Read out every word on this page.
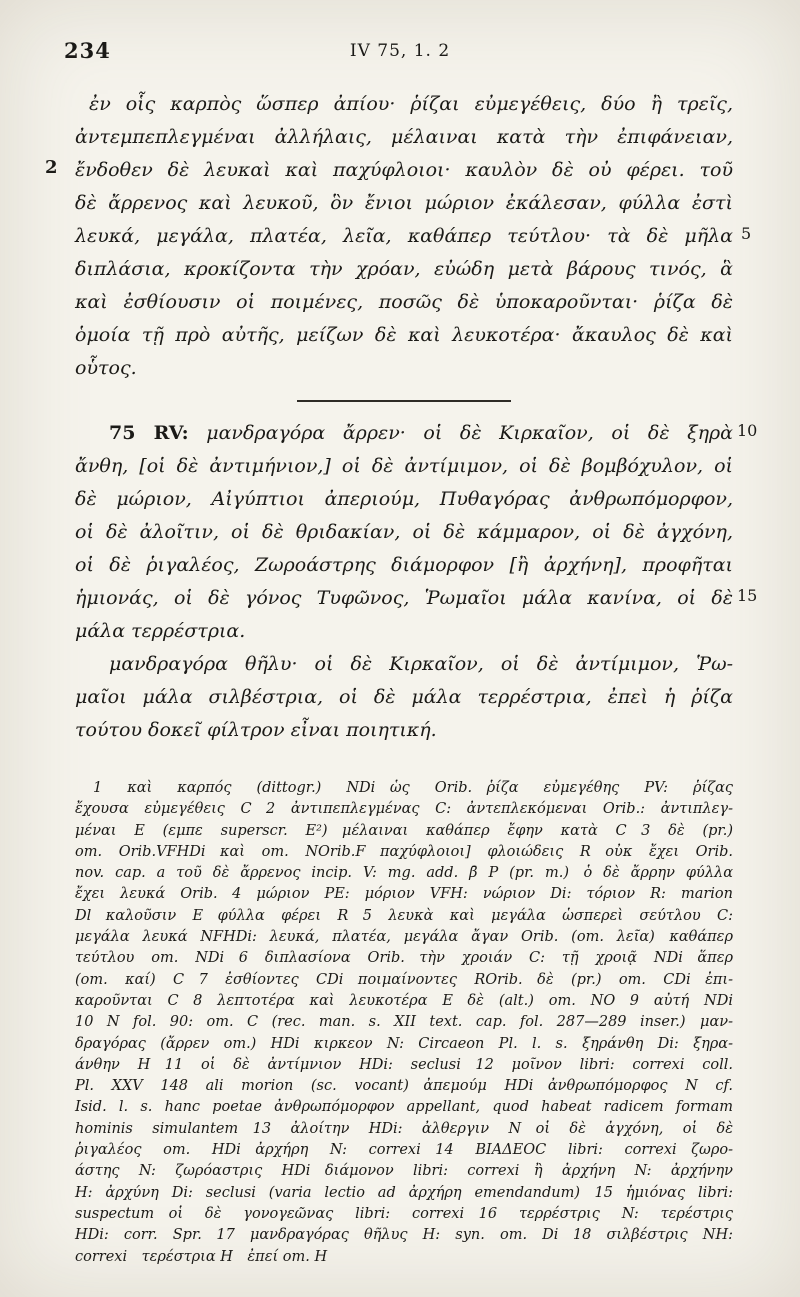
234	IV 75, 1. 2
2
5
10
15
ἐν οἷς καρπὸς ὥσπερ ἀπίου· ῥίζαι εὐμεγέθεις, δύο ἢ τρεῖς,
ἀντεμπεπλεγμέναι ἀλλήλαις, μέλαιναι κατὰ τὴν ἐπιφάνειαν,
ἔνδοθεν δὲ λευκαὶ καὶ παχύφλοιοι· καυλὸν δὲ οὐ φέρει. τοῦ
δὲ ἄρρενος καὶ λευκοῦ, ὃν ἔνιοι μώριον ἐκάλεσαν, φύλλα ἐστὶ
λευκά, μεγάλα, πλατέα, λεῖα, καθάπερ τεύτλου· τὰ δὲ μῆλα
διπλάσια, κροκίζοντα τὴν χρόαν, εὐώδη μετὰ βάρους τινός, ἃ
καὶ ἐσθίουσιν οἱ ποιμένες, ποσῶς δὲ ὑποκαροῦνται· ῥίζα δὲ
ὁμοία τῇ πρὸ αὐτῆς, μείζων δὲ καὶ λευκοτέρα· ἄκαυλος δὲ καὶ
οὗτος.
75 RV: μανδραγόρα ἄρρεν· οἱ δὲ Κιρκαῖον, οἱ δὲ ξηρὰ
ἄνθη, [οἱ δὲ ἀντιμήνιον,] οἱ δὲ ἀντίμιμον, οἱ δὲ βομβόχυλον, οἱ
δὲ μώριον, Αἰγύπτιοι ἀπεριούμ, Πυθαγόρας ἀνθρωπόμορφον,
οἱ δὲ ἀλοῖτιν, οἱ δὲ θριδακίαν, οἱ δὲ κάμμαρον, οἱ δὲ ἀγχόνη,
οἱ δὲ ῥιγαλέος, Ζωροάστρης διάμορφον [ἢ ἀρχήνη], προφῆται
ἡμιονάς, οἱ δὲ γόνος Τυφῶνος, Ῥωμαῖοι μάλα κανίνα, οἱ δὲ
μάλα τερρέστρια.
μανδραγόρα θῆλυ· οἱ δὲ Κιρκαῖον, οἱ δὲ ἀντίμιμον, Ῥω-
μαῖοι μάλα σιλβέστρια, οἱ δὲ μάλα τερρέστρια, ἐπεὶ ἡ ῥίζα
τούτου δοκεῖ φίλτρον εἶναι ποιητική.
1 καὶ καρπός (dittogr.) NDi ὡς Orib. ῥίζα εὐμεγέθης PV: ῥίζας
ἔχουσα εὐμεγέθεις C 2 ἀντιπεπλεγμένας C: ἀντεπλεκόμεναι Orib.: ἀντιπλεγ-
μέναι E (εμπε superscr. E²) μέλαιναι καθάπερ ἔφην κατὰ C 3 δὲ (pr.)
om. Orib.VFHDi καὶ om. NOrib.F παχύφλοιοι] φλοιώδεις R οὐκ ἔχει Orib.
nov. cap. a τοῦ δὲ ἄρρενος incip. V: mg. add. β̄ P (pr. m.) ὁ δὲ ἄρρην φύλλα
ἔχει λευκά Orib. 4 μώριον PE: μόριον VFH: νώριον Di: τόριον R: marion
Dl καλοῦσιν E φύλλα φέρει R 5 λευκὰ καὶ μεγάλα ὡσπερεὶ σεύτλου C:
μεγάλα λευκά NFHDi: λευκά, πλατέα, μεγάλα ἄγαν Orib. (om. λεῖα) καθάπερ
τεύτλου om. NDi 6 διπλασίονα Orib. τὴν χροιάν C: τῇ χροιᾷ NDi ἅπερ
(om. καί) C 7 ἐσθίοντες CDi ποιμαίνοντες ROrib. δὲ (pr.) om. CDi ἐπι-
καροῦνται C 8 λεπτοτέρα καὶ λευκοτέρα E δὲ (alt.) om. NO 9 αὐτή NDi
10 N fol. 90: om. C (rec. man. s. XII text. cap. fol. 287—289 inser.) μαν-
δραγόρας (ἄρρεν om.) HDi κιρκεον N: Circaeon Pl. l. s. ξηράνθη Di: ξηρα-
άνθην H 11 οἱ δὲ ἀντίμνιον HDi: seclusi 12 μοῖνον libri: correxi coll.
Pl. XXV 148 ali morion (sc. vocant) ἀπεμούμ HDi ἀνθρωπόμορφος N cf.
Isid. l. s. hanc poetae ἀνθρωπόμορφον appellant, quod habeat radicem formam
hominis simulantem 13 ἀλοίτην HDi: ἀλθεργιν N οἱ δὲ ἀγχόνη, οἱ δὲ
ῥιγαλέος om. HDi ἀρχήρη N: correxi 14 ΒΙΑΔΕΟC libri: correxi ζωρο-
άστης N: ζωρόαστρις HDi διάμονον libri: correxi ἢ ἀρχήνη N: ἀρχήνην
H: ἀρχύνη Di: seclusi (varia lectio ad ἀρχήρη emendandum) 15 ἡμιόνας libri:
suspectum οἱ δὲ γονογεῶνας libri: correxi 16 τερρέστρις N: τερέστρις
HDi: corr. Spr. 17 μανδραγόρας θῆλυς H: syn. om. Di 18 σιλβέστρις NH:
correxi τερέστρια H ἐπεί om. H
